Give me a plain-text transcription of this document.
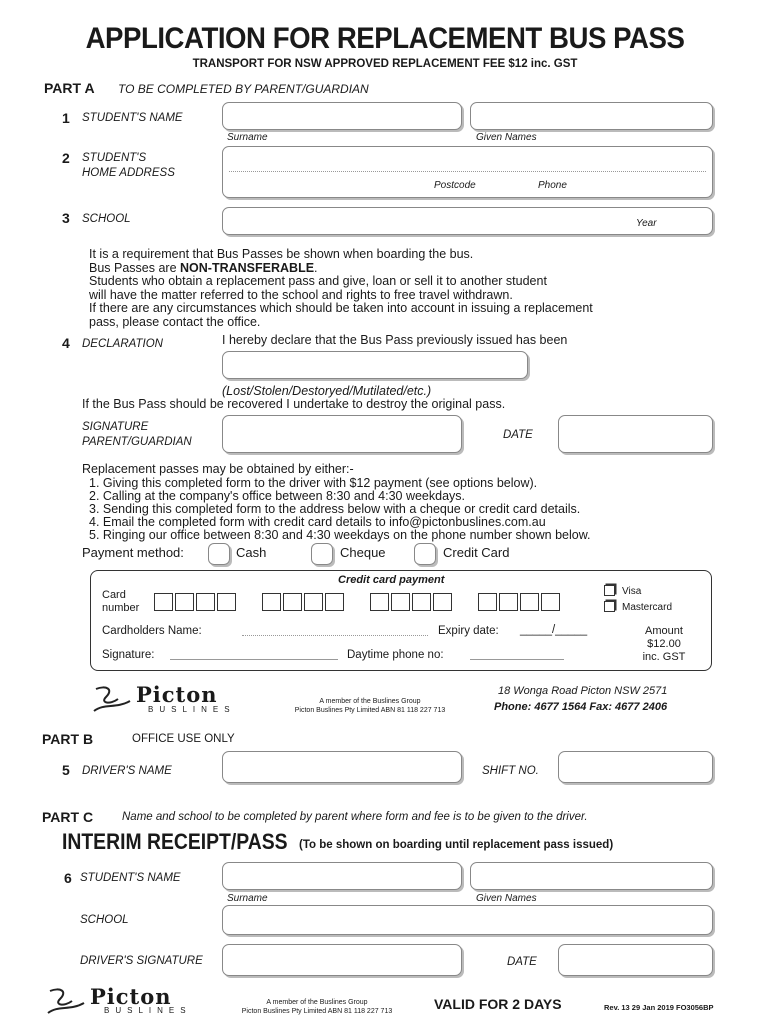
APPLICATION FOR REPLACEMENT BUS PASS
TRANSPORT FOR NSW APPROVED REPLACEMENT FEE $12 inc. GST
PART A TO BE COMPLETED BY PARENT/GUARDIAN
1 STUDENT'S NAME
Surname	Given Names
2 STUDENT'S
HOME ADDRESS
Postcode	Phone
3 SCHOOL	Year
It is a requirement that Bus Passes be shown when boarding the bus.
Bus Passes are NON-TRANSFERABLE.
Students who obtain a replacement pass and give, loan or sell it to another student
will have the matter referred to the school and rights to free travel withdrawn.
If there are any circumstances which should be taken into account in issuing a replacement
pass, please contact the office.
4 DECLARATION	I hereby declare that the Bus Pass previously issued has been
(Lost/Stolen/Destoryed/Mutilated/etc.)
If the Bus Pass should be recovered I undertake to destroy the original pass.
SIGNATURE
PARENT/GUARDIAN
DATE
Replacement passes may be obtained by either:-
1. Giving this completed form to the driver with $12 payment (see options below).
2. Calling at the company's office between 8:30 and 4:30 weekdays.
3. Sending this completed form to the address below with a cheque or credit card details.
4. Email the completed form with credit card details to info@pictonbuslines.com.au
5. Ringing our office between 8:30 and 4:30 weekdays on the phone number shown below.
Payment method:	Cash	Cheque	Credit Card
Credit card payment
Card
number
Visa
Mastercard
Cardholders Name:	Expiry date: _____/_____	Amount
$12.00
inc. GST
Signature:	Daytime phone no:
Picton
BUSLINES
A member of the Buslines Group
Picton Buslines Pty Limited ABN 81 118 227 713
18 Wonga Road Picton NSW 2571
Phone: 4677 1564 Fax: 4677 2406
PART B	OFFICE USE ONLY
5 DRIVER'S NAME	SHIFT NO.
PART C	Name and school to be completed by parent where form and fee is to be given to the driver.
INTERIM RECEIPT/PASS (To be shown on boarding until replacement pass issued)
6 STUDENT'S NAME
Surname	Given Names
SCHOOL
DRIVER'S SIGNATURE	DATE
Picton
BUSLINES
A member of the Buslines Group
Picton Buslines Pty Limited ABN 81 118 227 713	VALID FOR 2 DAYS	Rev. 13 29 Jan 2019 FO3056BP
